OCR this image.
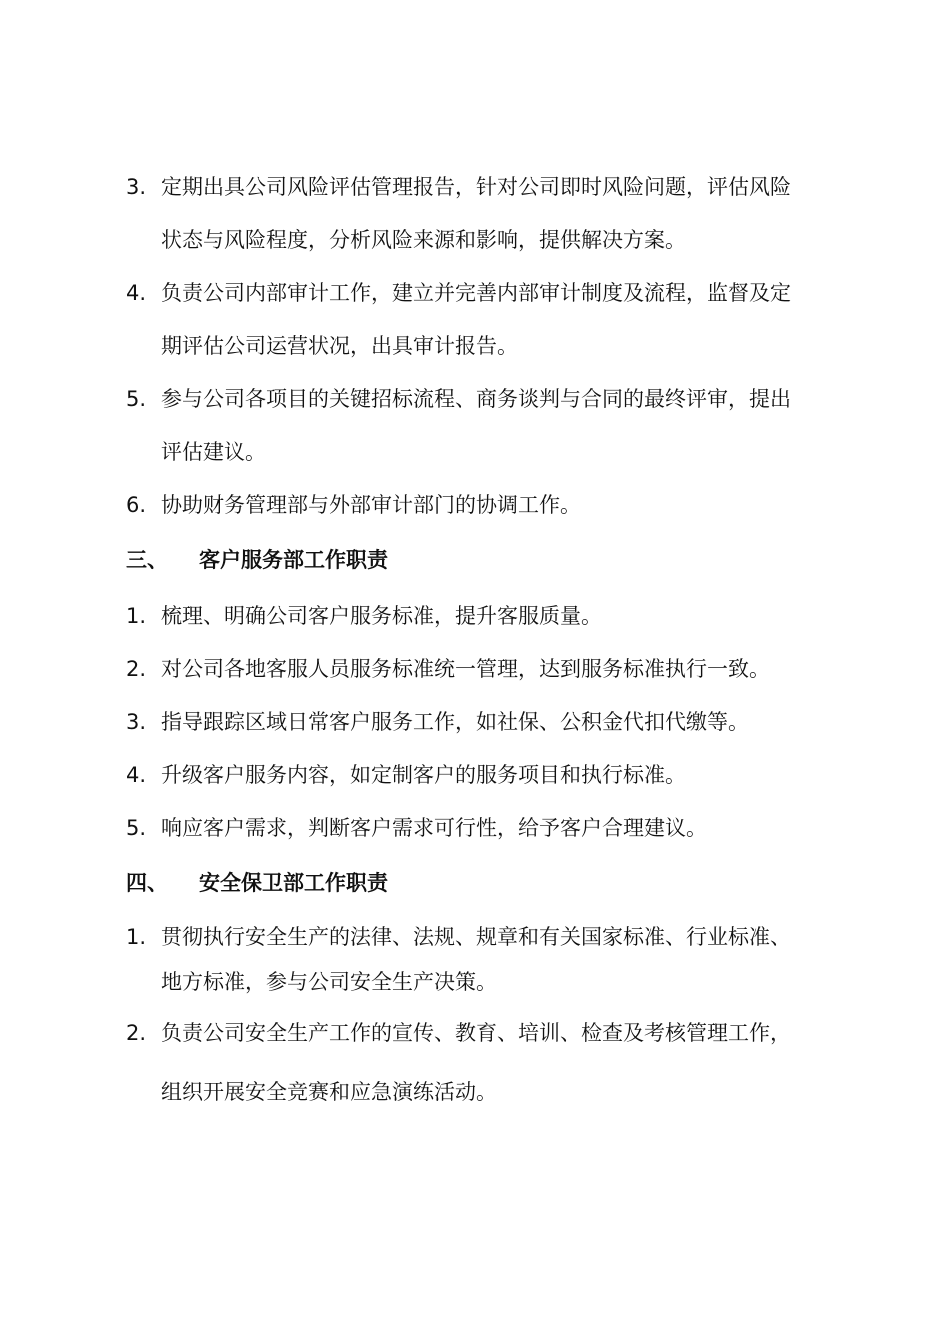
3. 定期出具公司风险评估管理报告，针对公司即时风险问题，评估风险
状态与风险程度，分析风险来源和影响，提供解决方案。
4. 负责公司内部审计工作，建立并完善内部审计制度及流程，监督及定
期评估公司运营状况，出具审计报告。
5. 参与公司各项目的关键招标流程、商务谈判与合同的最终评审，提出
评估建议。
6. 协助财务管理部与外部审计部门的协调工作。
三、 客户服务部工作职责
1. 梳理、明确公司客户服务标准，提升客服质量。
2. 对公司各地客服人员服务标准统一管理，达到服务标准执行一致。
3. 指导跟踪区域日常客户服务工作，如社保、公积金代扣代缴等。
4. 升级客户服务内容，如定制客户的服务项目和执行标准。
5. 响应客户需求，判断客户需求可行性，给予客户合理建议。
四、 安全保卫部工作职责
1. 贯彻执行安全生产的法律、法规、规章和有关国家标准、行业标准、
地方标准，参与公司安全生产决策。
2. 负责公司安全生产工作的宣传、教育、培训、检查及考核管理工作，
组织开展安全竞赛和应急演练活动。
